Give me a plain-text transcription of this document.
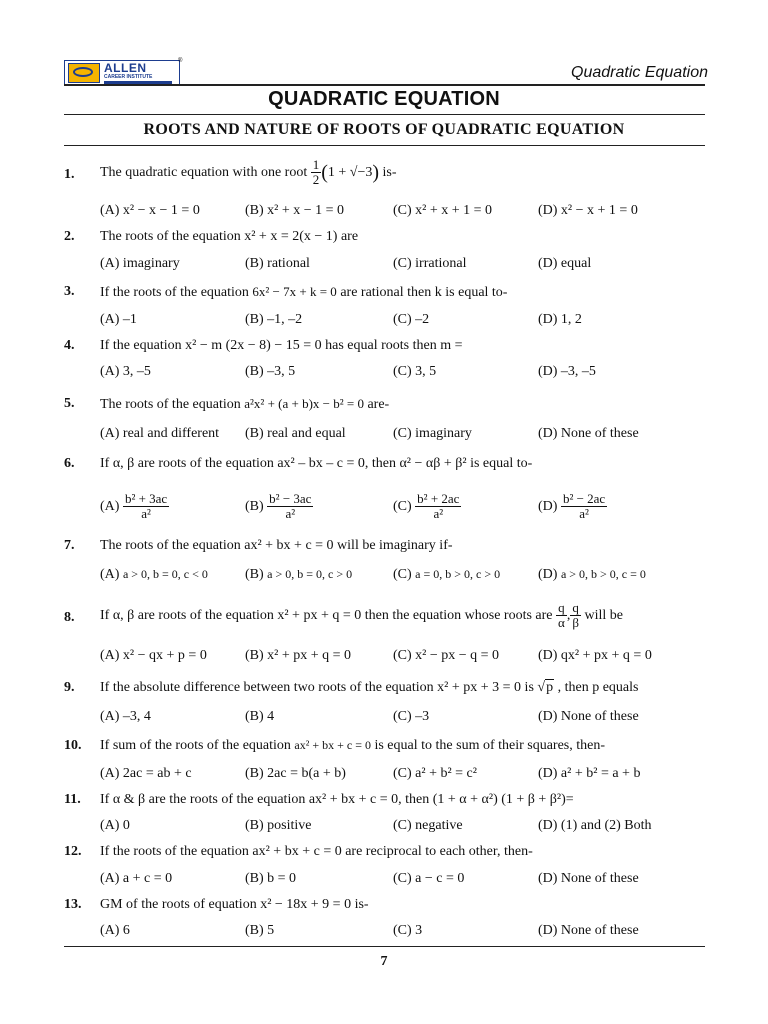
ALLEN
CAREER INSTITUTE
®
Quadratic Equation
QUADRATIC EQUATION
ROOTS AND NATURE OF ROOTS OF QUADRATIC EQUATION
1. The quadratic equation with one root $\frac{1}{2} (1 + √-3)$ is-
(A) x² − x − 1 = 0	(B) x² + x − 1 = 0	(C) x² + x + 1 = 0	(D) x² − x + 1 = 0
2. The roots of the equation x² + x = 2(x − 1) are
(A) imaginary	(B) rational	(C) irrational	(D) equal
3. If the roots of the equation 6x² − 7x + k = 0 are rational then k is equal to-
(A) –1	(B) –1, –2	(C) –2	(D) 1, 2
4. If the equation x² − m (2x − 8) − 15 = 0 has equal roots then m =
(A) 3, –5	(B) –3, 5	(C) 3, 5	(D) –3, –5
5. The roots of the equation a²x² + (a + b)x − b² = 0 are-
(A) real and different (B) real and equal	(C) imaginary	(D) None of these
6. If α, β are roots of the equation ax² – bx – c = 0, then α² − αβ + β² is equal to-
$(A) \frac{\text{b² + 3ac}}{\text{a²}}$	$(B) \frac{\text{b² − 3ac}}{\text{a²}}$	$(C) \frac{\text{b² + 2ac}}{\text{a²}}$	$(D) \frac{\text{b² − 2ac}}{\text{a²}}$
7. The roots of the equation ax² + bx + c = 0 will be imaginary if-
(A) a > 0, b = 0, c < 0	(B) a > 0, b = 0, c > 0	(C) a = 0, b > 0, c > 0	(D) a > 0, b > 0, c = 0
8. If α, β are roots of the equation x² + px + q = 0 then the equation whose roots are $\frac{q}{\alpha}$ , $\frac{q}{\beta}$ will be
(A) x² − qx + p = 0	(B) x² + px + q = 0	(C) x² − px − q = 0	(D) qx² + px + q = 0
9. If the absolute difference between two roots of the equation x² + px + 3 = 0 is √p , then p equals
(A) –3, 4	(B) 4	(C) –3	(D) None of these
10. If sum of the roots of the equation ax² + bx + c = 0 is equal to the sum of their squares, then-
(A) 2ac = ab + c	(B) 2ac = b(a + b)	(C) a² + b² = c²	(D) a² + b² = a + b
11. If α & β are the roots of the equation ax² + bx + c = 0, then (1 + α + α²) (1 + β + β²)=
(A) 0	(B) positive	(C) negative	(D) (1) and (2) Both
12. If the roots of the equation ax² + bx + c = 0 are reciprocal to each other, then-
(A) a + c = 0	(B) b = 0	(C) a − c = 0	(D) None of these
13. GM of the roots of equation x² − 18x + 9 = 0 is-
(A) 6	(B) 5	(C) 3	(D) None of these
7
